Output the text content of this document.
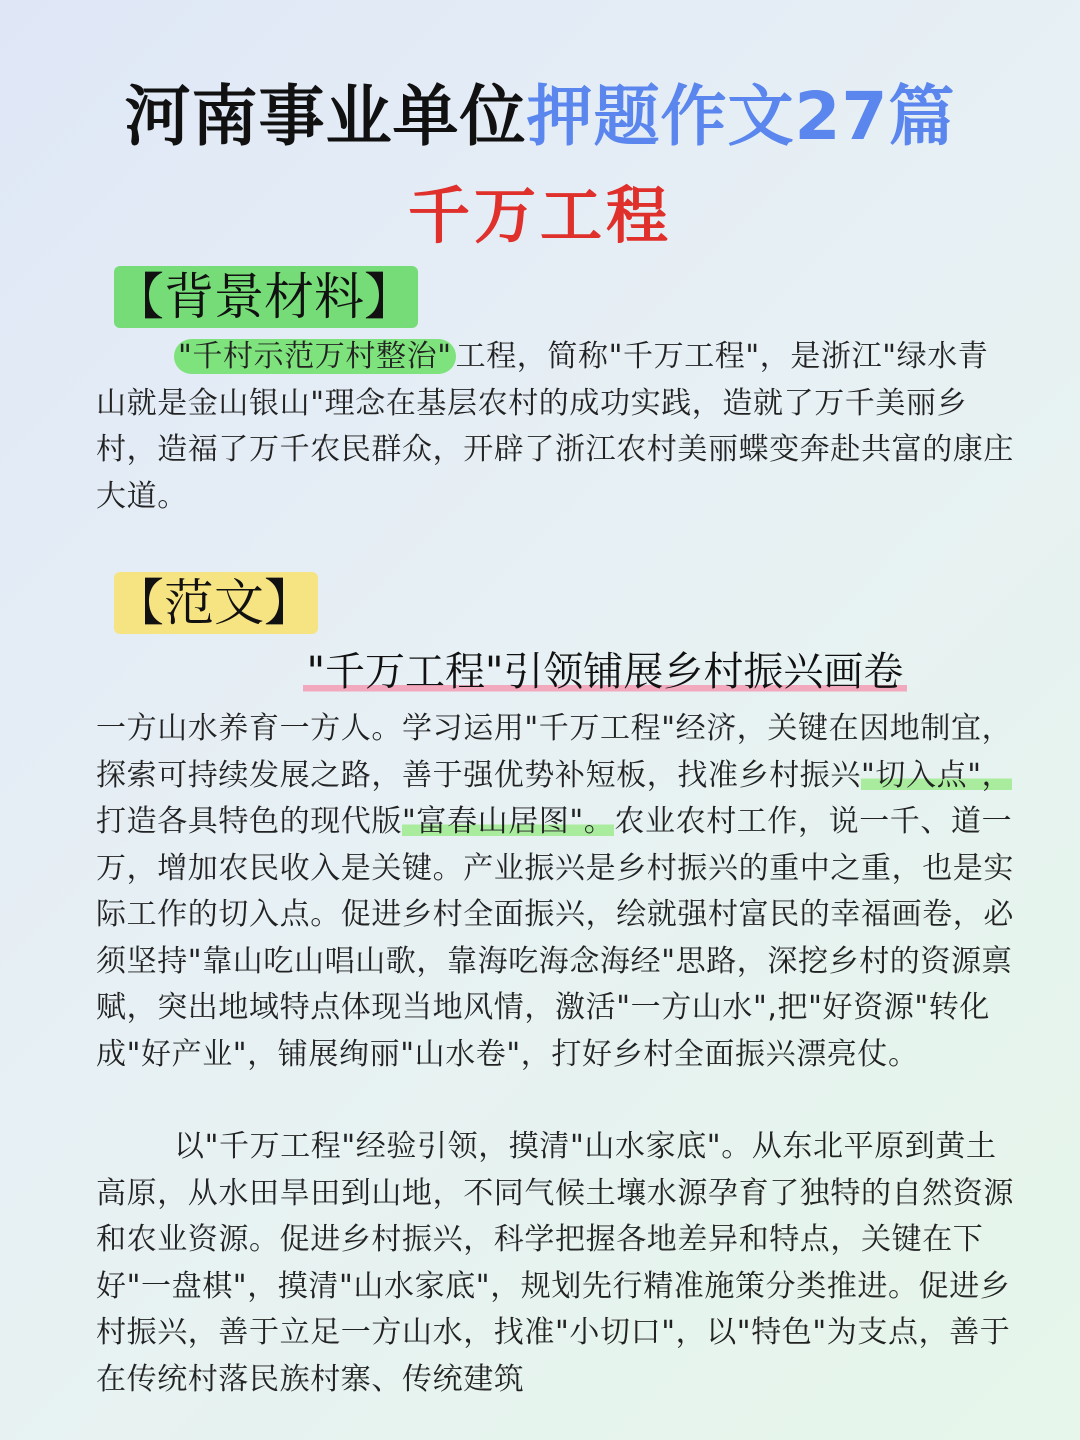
河南事业单位押题作文27篇
千万工程
【背景材料】

"千村示范万村整治" 工程，简称"千万工程"，是浙江"绿水青山就是金山银山"理念在基层农村的成功实践，造就了万千美丽乡村，造福了万千农民群众，开辟了浙江农村美丽蝶变奔赴共富的康庄大道。

【范文】
"千万工程"引领铺展乡村振兴画卷

一方山水养育一方人。学习运用"千万工程"经济，关键在因地制宜，探索可持续发展之路，善于强优势补短板，找准乡村振兴"切入点"，打造各具特色的现代版"富春山居图"。农业农村工作，说一千、道一万，增加农民收入是关键。产业振兴是乡村振兴的重中之重，也是实际工作的切入点。促进乡村全面振兴，绘就强村富民的幸福画卷，必须坚持"靠山吃山唱山歌，靠海吃海念海经"思路，深挖乡村的资源禀赋，突出地域特点体现当地风情，激活"一方山水",把"好资源"转化成"好产业"，铺展绚丽"山水卷"，打好乡村全面振兴漂亮仗。

以"千万工程"经验引领，摸清"山水家底"。从东北平原到黄土高原，从水田旱田到山地，不同气候土壤水源孕育了独特的自然资源和农业资源。促进乡村振兴，科学把握各地差异和特点，关键在下好"一盘棋"，摸清"山水家底"，规划先行精准施策分类推进。促进乡村振兴，善于立足一方山水，找准"小切口"，以"特色"为支点，善于在传统村落民族村寨、传统建筑
